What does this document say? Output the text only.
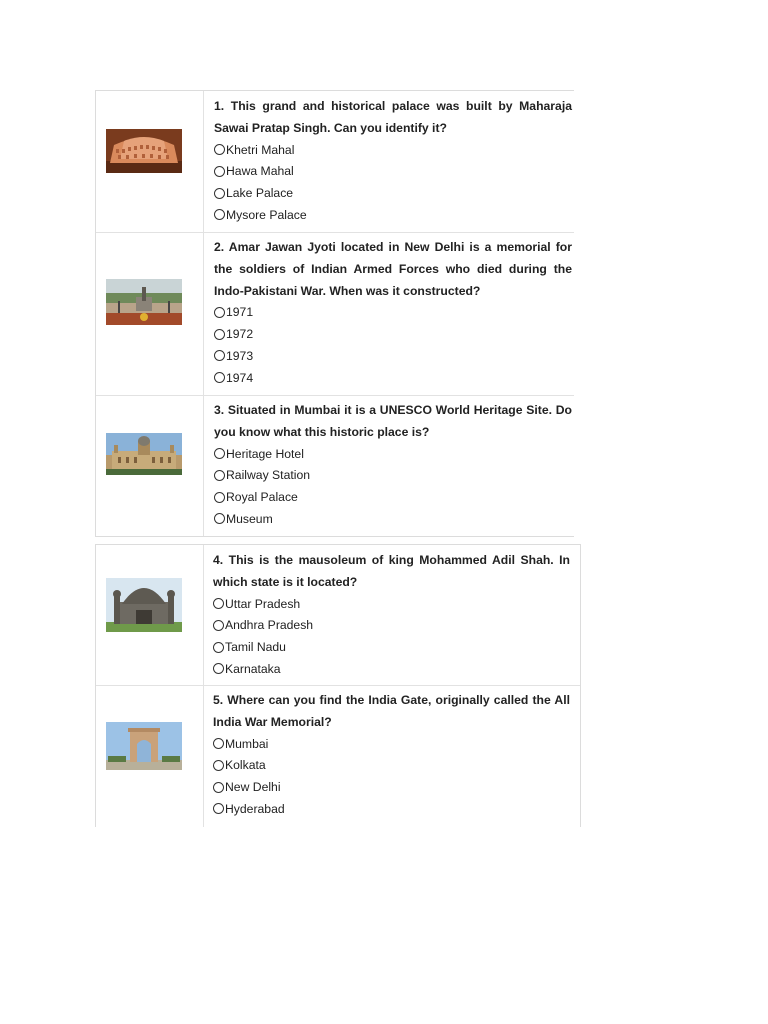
1. This grand and historical palace was built by Maharaja Sawai Pratap Singh. Can you identify it?

Khetri Mahal
Hawa Mahal
Lake Palace
Mysore Palace

2. Amar Jawan Jyoti located in New Delhi is a memorial for the soldiers of Indian Armed Forces who died during the Indo-Pakistani War. When was it constructed?

1971
1972
1973
1974

3. Situated in Mumbai it is a UNESCO World Heritage Site. Do you know what this historic place is?

Heritage Hotel
Railway Station
Royal Palace
Museum

4. This is the mausoleum of king Mohammed Adil Shah. In which state is it located?

Uttar Pradesh
Andhra Pradesh
Tamil Nadu
Karnataka

5. Where can you find the India Gate, originally called the All India War Memorial?

Mumbai
Kolkata
New Delhi
Hyderabad
